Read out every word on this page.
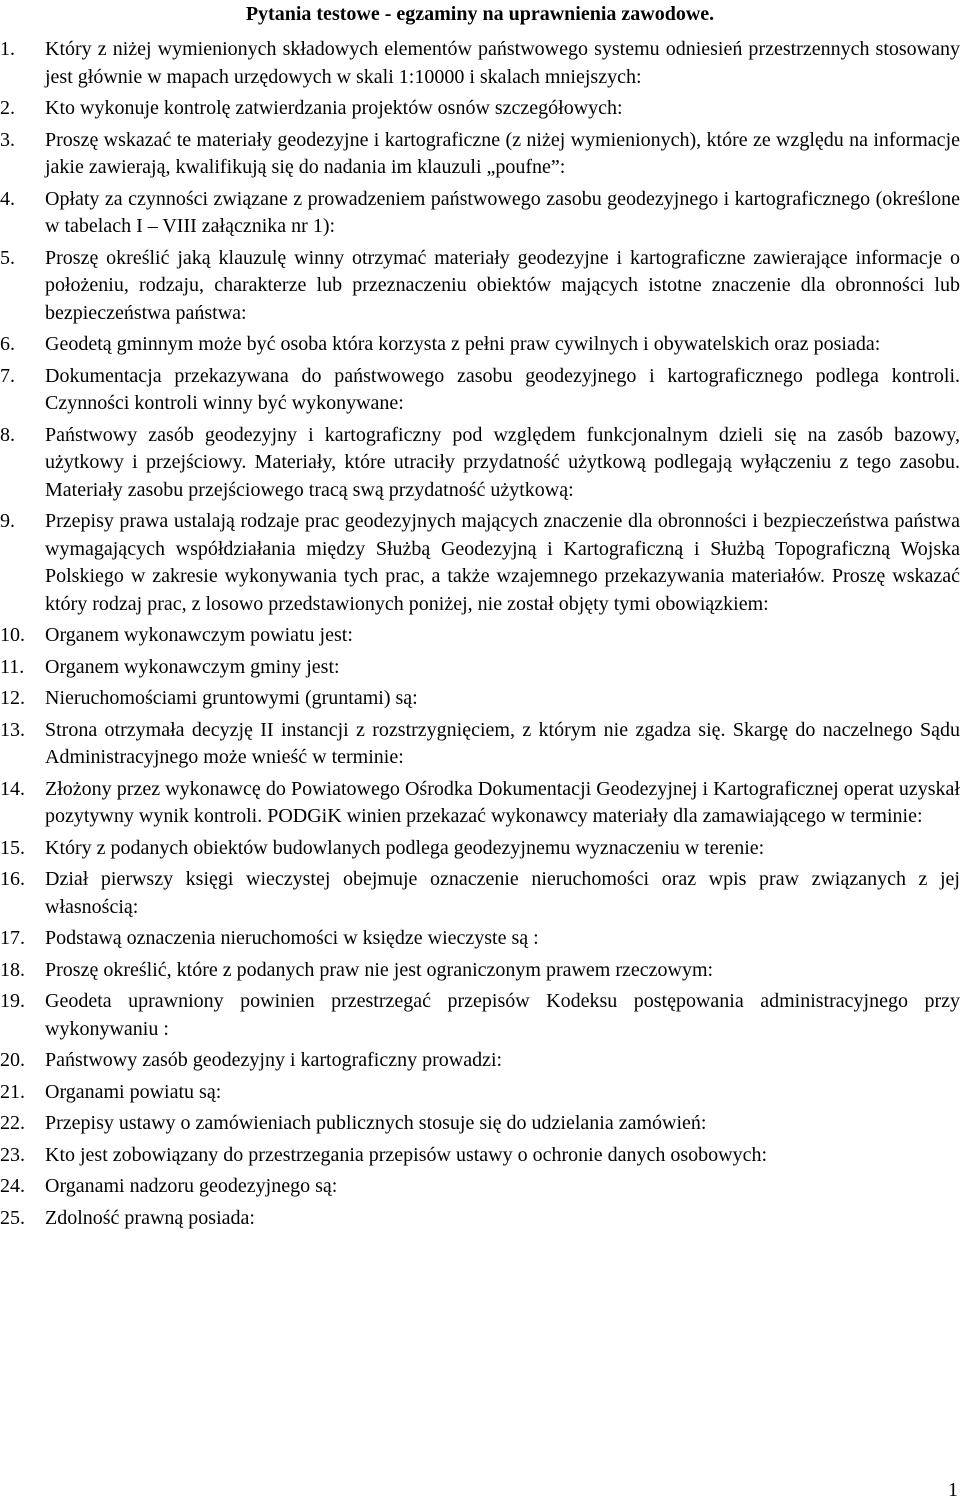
Pytania testowe - egzaminy na uprawnienia zawodowe.
1. Który z niżej wymienionych składowych elementów państwowego systemu odniesień przestrzennych stosowany jest głównie w mapach urzędowych w skali 1:10000 i skalach mniejszych:
2. Kto wykonuje kontrolę zatwierdzania projektów osnów szczegółowych:
3. Proszę wskazać te materiały geodezyjne i kartograficzne (z niżej wymienionych), które ze względu na informacje jakie zawierają, kwalifikują się do nadania im klauzuli „poufne”:
4. Opłaty za czynności związane z prowadzeniem państwowego zasobu geodezyjnego i kartograficznego (określone w tabelach I – VIII załącznika nr 1):
5. Proszę określić jaką klauzulę winny otrzymać materiały geodezyjne i kartograficzne zawierające informacje o położeniu, rodzaju, charakterze lub przeznaczeniu obiektów mających istotne znaczenie dla obronności lub bezpieczeństwa państwa:
6. Geodetą gminnym może być osoba która korzysta z pełni praw cywilnych i obywatelskich oraz posiada:
7. Dokumentacja przekazywana do państwowego zasobu geodezyjnego i kartograficznego podlega kontroli. Czynności kontroli winny być wykonywane:
8. Państwowy zasób geodezyjny i kartograficzny pod względem funkcjonalnym dzieli się na zasób bazowy, użytkowy i przejściowy. Materiały, które utraciły przydatność użytkową podlegają wyłączeniu z tego zasobu. Materiały zasobu przejściowego tracą swą przydatność użytkową:
9. Przepisy prawa ustalają rodzaje prac geodezyjnych mających znaczenie dla obronności i bezpieczeństwa państwa wymagających współdziałania między Służbą Geodezyjną i Kartograficzną i Służbą Topograficzną Wojska Polskiego w zakresie wykonywania tych prac, a także wzajemnego przekazywania materiałów. Proszę wskazać który rodzaj prac, z losowo przedstawionych poniżej, nie został objęty tymi obowiązkiem:
10. Organem wykonawczym powiatu jest:
11. Organem wykonawczym gminy jest:
12. Nieruchomościami gruntowymi (gruntami) są:
13. Strona otrzymała decyzję II instancji z rozstrzygnięciem, z którym nie zgadza się. Skargę do naczelnego Sądu Administracyjnego może wnieść w terminie:
14. Złożony przez wykonawcę do Powiatowego Ośrodka Dokumentacji Geodezyjnej i Kartograficznej operat uzyskał pozytywny wynik kontroli. PODGiK winien przekazać wykonawcy materiały dla zamawiającego w terminie:
15. Który z podanych obiektów budowlanych podlega geodezyjnemu wyznaczeniu w terenie:
16. Dział pierwszy księgi wieczystej obejmuje oznaczenie nieruchomości oraz wpis praw związanych z jej własnością:
17. Podstawą oznaczenia nieruchomości w księdze wieczyste są :
18. Proszę określić, które z podanych praw nie jest ograniczonym prawem rzeczowym:
19. Geodeta uprawniony powinien przestrzegać przepisów Kodeksu postępowania administracyjnego przy wykonywaniu :
20. Państwowy zasób geodezyjny i kartograficzny prowadzi:
21. Organami powiatu są:
22. Przepisy ustawy o zamówieniach publicznych stosuje się do udzielania zamówień:
23. Kto jest zobowiązany do przestrzegania przepisów ustawy o ochronie danych osobowych:
24. Organami nadzoru geodezyjnego są:
25. Zdolność prawną posiada:
1
